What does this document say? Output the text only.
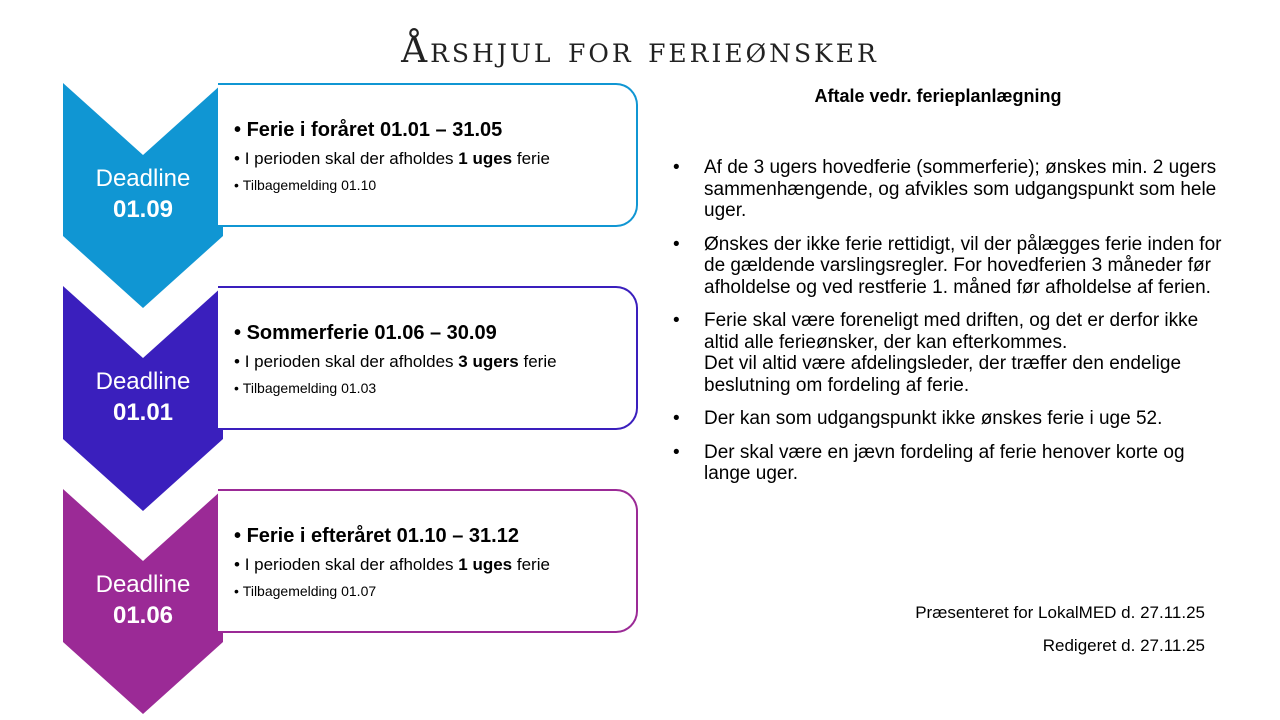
Årshjul for ferieønsker
Deadline
01.09
• Ferie i foråret 01.01 – 31.05
• I perioden skal der afholdes 1 uges ferie
• Tilbagemelding 01.10
Deadline
01.01
• Sommerferie 01.06 – 30.09
• I perioden skal der afholdes 3 ugers ferie
• Tilbagemelding 01.03
Deadline
01.06
• Ferie i efteråret 01.10 – 31.12
• I perioden skal der afholdes 1 uges ferie
• Tilbagemelding 01.07
Aftale vedr. ferieplanlægning
• Af de 3 ugers hovedferie (sommerferie); ønskes min. 2 ugers sammenhængende, og afvikles som udgangspunkt som hele uger.
• Ønskes der ikke ferie rettidigt, vil der pålægges ferie inden for de gældende varslingsregler. For hovedferien 3 måneder før afholdelse og ved restferie 1. måned før afholdelse af ferien.
• Ferie skal være foreneligt med driften, og det er derfor ikke altid alle ferieønsker, der kan efterkommes.
Det vil altid være afdelingsleder, der træffer den endelige beslutning om fordeling af ferie.
• Der kan som udgangspunkt ikke ønskes ferie i uge 52.
• Der skal være en jævn fordeling af ferie henover korte og lange uger.
Præsenteret for LokalMED d. 27.11.25
Redigeret d. 27.11.25
